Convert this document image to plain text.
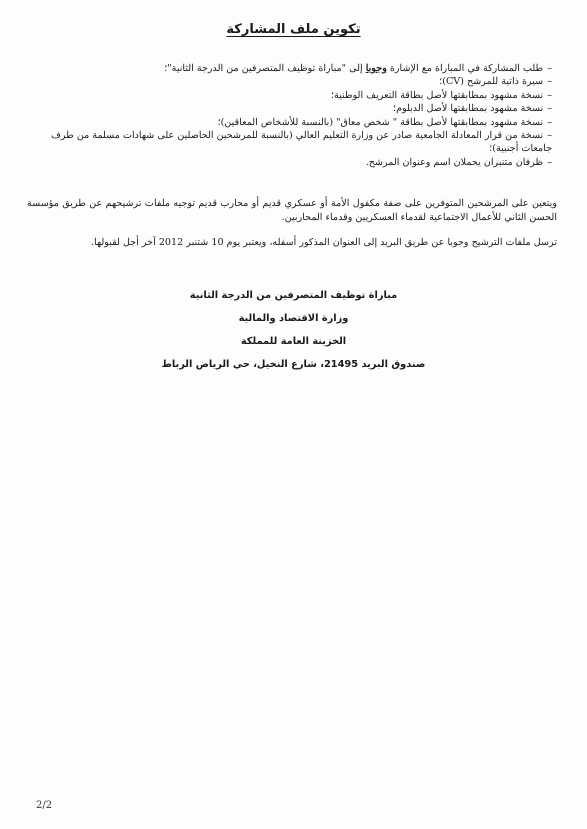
تكوين ملف المشاركة
–طلب المشاركة في المباراة مع الإشارة وجوبا إلى "مباراة توظيف المتصرفين من الدرجة الثانية"؛
–سيرة ذاتية للمرشح (CV)؛
–نسخة مشهود بمطابقتها لأصل بطاقة التعريف الوطنية؛
–نسخة مشهود بمطابقتها لأصل الدبلوم؛
–نسخة مشهود بمطابقتها لأصل بطاقة " شخص معاق" (بالنسبة للأشخاص المعاقين)؛
–نسخة من قرار المعادلة الجامعية صادر عن وزارة التعليم العالي (بالنسبة للمرشحين الحاصلين على شهادات مسلمة من طرف جامعات أجنبية)؛
–ظرفان متنبران يحملان اسم وعنوان المرشح.

ويتعين على المرشحين المتوفرين على صفة مكفول الأمة أو عسكري قديم أو محارب قديم توجيه ملفات ترشيحهم عن طريق مؤسسة الحسن الثاني للأعمال الاجتماعية لقدماء العسكريين وقدماء المحاربين.

ترسل ملفات الترشيح وجوبا عن طريق البريد إلى العنوان المذكور أسفله، ويعتبر يوم 10 شتنبر 2012 آخر أجل لقبولها.

مباراة توظيف المتصرفين من الدرجة الثانية
وزارة الاقتصاد والمالية
الخزينة العامة للمملكة
صندوق البريد 21495، شارع النخيل، حي الرياض الرباط
2/2
